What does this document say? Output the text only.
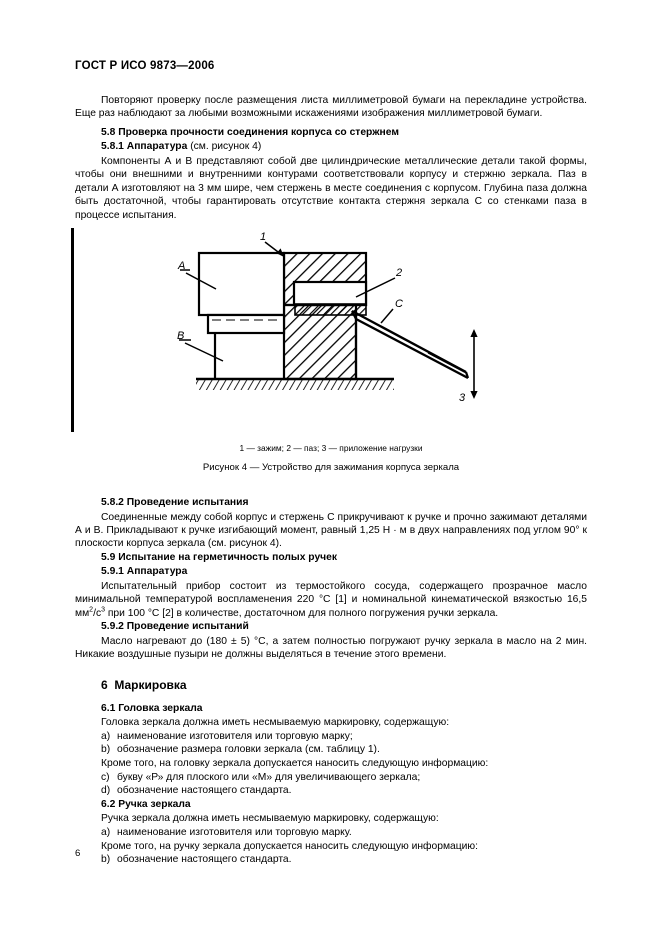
ГОСТ Р ИСО 9873—2006

Повторяют проверку после размещения листа миллиметровой бумаги на перекладине устройства. Еще раз наблюдают за любыми возможными искажениями изображения миллиметровой бумаги.

5.8 Проверка прочности соединения корпуса со стержнем
5.8.1 Аппаратура (см. рисунок 4)

Компоненты А и В представляют собой две цилиндрические металлические детали такой формы, чтобы они внешними и внутренними контурами соответствовали корпусу и стержню зеркала. Паз в детали А изготовляют на 3 мм шире, чем стержень в месте соединения с корпусом. Глубина паза должна быть достаточной, чтобы гарантировать отсутствие контакта стержня зеркала С со стенками паза в процессе испытания.

1
2
C
A
B
3

1 — зажим; 2 — паз; 3 — приложение нагрузки

Рисунок 4 — Устройство для зажимания корпуса зеркала

5.8.2 Проведение испытания

Соединенные между собой корпус и стержень С прикручивают к ручке и прочно зажимают деталями А и В. Прикладывают к ручке изгибающий момент, равный 1,25 Н · м в двух направлениях под углом 90° к плоскости корпуса зеркала (см. рисунок 4).

5.9 Испытание на герметичность полых ручек
5.9.1 Аппаратура

Испытательный прибор состоит из термостойкого сосуда, содержащего прозрачное масло минимальной температурой воспламенения 220 °С [1] и номинальной кинематической вязкостью 16,5 $мм^2/с^3$ при 100 °С [2] в количестве, достаточном для полного погружения ручки зеркала.

5.9.2 Проведение испытаний

Масло нагревают до (180 ± 5) °С, а затем полностью погружают ручку зеркала в масло на 2 мин. Никакие воздушные пузыри не должны выделяться в течение этого времени.

6 Маркировка
6.1 Головка зеркала

Головка зеркала должна иметь несмываемую маркировку, содержащую:

a) наименование изготовителя или торговую марку;

b) обозначение размера головки зеркала (см. таблицу 1).

Кроме того, на головку зеркала допускается наносить следующую информацию:

c) букву «Р» для плоского или «М» для увеличивающего зеркала;

d) обозначение настоящего стандарта.

6.2 Ручка зеркала

Ручка зеркала должна иметь несмываемую маркировку, содержащую:

a) наименование изготовителя или торговую марку.

Кроме того, на ручку зеркала допускается наносить следующую информацию:

b) обозначение настоящего стандарта.

6
